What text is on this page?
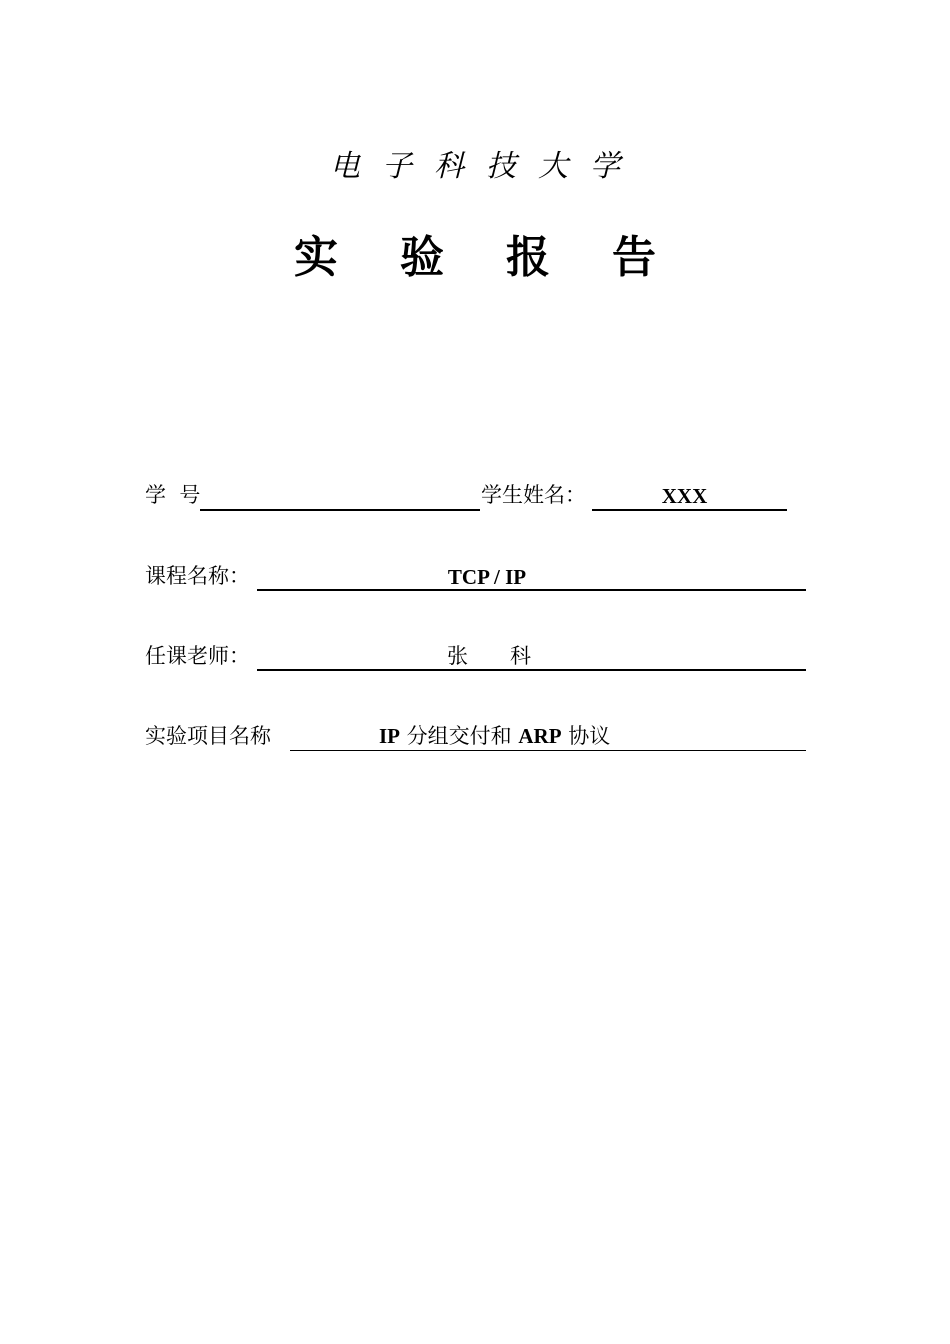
电子科技大学
实验报告
学  号	学生姓名：	XXX
课程名称：	TCP / IP
任课老师：	张科
实验项目名称	IP 分组交付和 ARP 协议
